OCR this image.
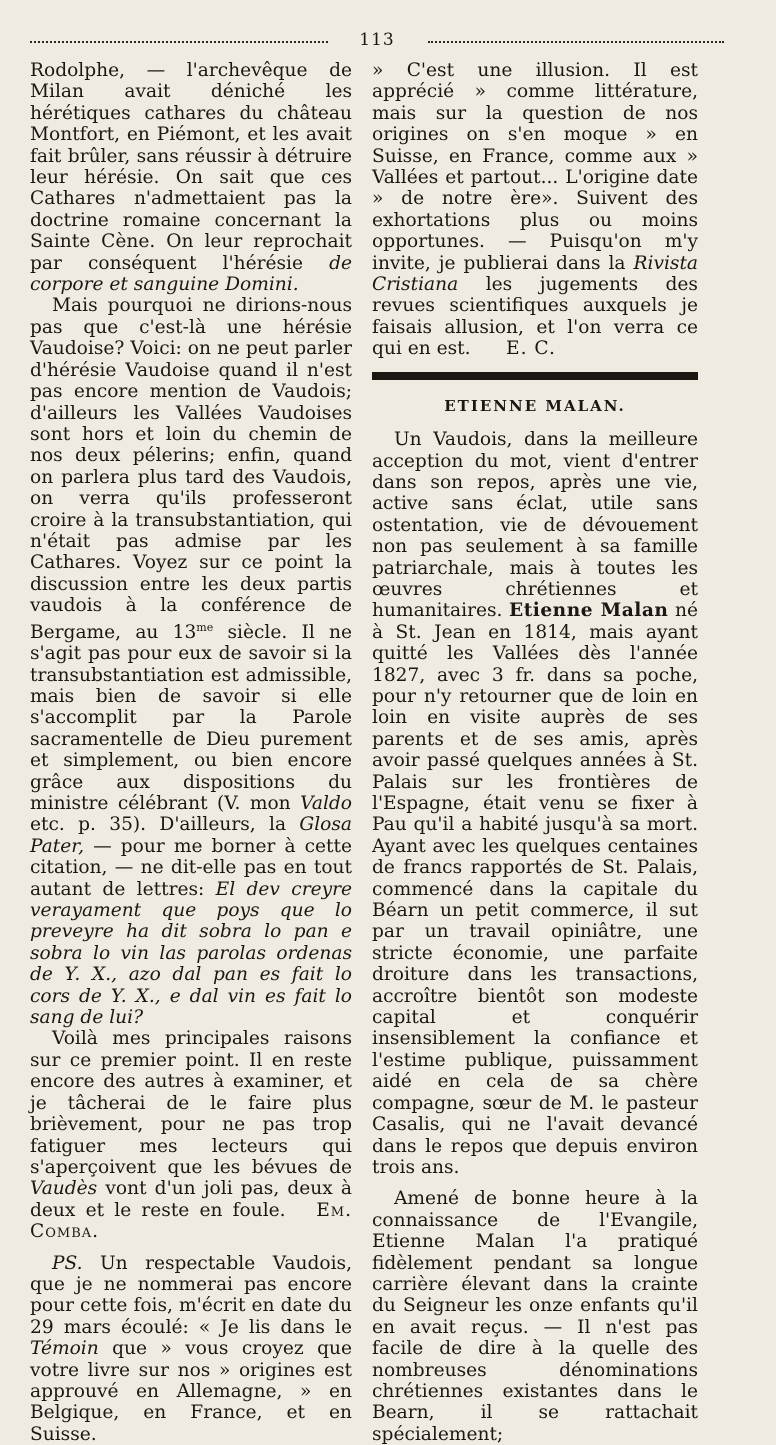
113

Rodolphe, — l'archevêque de Milan avait déniché les hérétiques cathares du château Montfort, en Piémont, et les avait fait brûler, sans réussir à détruire leur hérésie. On sait que ces Cathares n'admettaient pas la doctrine romaine concernant la Sainte Cène. On leur reprochait par conséquent l'hérésie de corpore et sanguine Domini.

Mais pourquoi ne dirions-nous pas que c'est-là une hérésie Vaudoise? Voici: on ne peut parler d'hérésie Vaudoise quand il n'est pas encore mention de Vaudois; d'ailleurs les Vallées Vaudoises sont hors et loin du chemin de nos deux pélerins; enfin, quand on parlera plus tard des Vaudois, on verra qu'ils professeront croire à la transubstantiation, qui n'était pas admise par les Cathares. Voyez sur ce point la discussion entre les deux partis vaudois à la conférence de Bergame, au $13^{me}$ siècle. Il ne s'agit pas pour eux de savoir si la transubstantiation est admissible, mais bien de savoir si elle s'accomplit par la Parole sacramentelle de Dieu purement et simplement, ou bien encore grâce aux dispositions du ministre célébrant (V. mon Valdo etc. p. 35). D'ailleurs, la Glosa Pater, — pour me borner à cette citation, — ne dit-elle pas en tout autant de lettres: El dev creyre verayament que poys que lo preveyre ha dit sobra lo pan e sobra lo vin las parolas ordenas de Y. X., azo dal pan es fait lo cors de Y. X., e dal vin es fait lo sang de lui?

Voilà mes principales raisons sur ce premier point. Il en reste encore des autres à examiner, et je tâcherai de le faire plus brièvement, pour ne pas trop fatiguer mes lecteurs qui s'aperçoivent que les bévues de Vaudès vont d'un joli pas, deux à deux et le reste en foule. Em. Comba.

PS. Un respectable Vaudois, que je ne nommerai pas encore pour cette fois, m'écrit en date du 29 mars écoulé: « Je lis dans le Témoin que » vous croyez que votre livre sur nos » origines est approuvé en Allemagne, » en Belgique, en France, et en Suisse.

» C'est une illusion. Il est apprécié » comme littérature, mais sur la question de nos origines on s'en moque » en Suisse, en France, comme aux » Vallées et partout... L'origine date » de notre ère». Suivent des exhortations plus ou moins opportunes. — Puisqu'on m'y invite, je publierai dans la Rivista Cristiana les jugements des revues scientifiques auxquels je faisais allusion, et l'on verra ce qui en est. E. C.

ETIENNE MALAN.

Un Vaudois, dans la meilleure acception du mot, vient d'entrer dans son repos, après une vie, active sans éclat, utile sans ostentation, vie de dévouement non pas seulement à sa famille patriarchale, mais à toutes les œuvres chrétiennes et humanitaires. Etienne Malan né à St. Jean en 1814, mais ayant quitté les Vallées dès l'année 1827, avec 3 fr. dans sa poche, pour n'y retourner que de loin en loin en visite auprès de ses parents et de ses amis, après avoir passé quelques années à St. Palais sur les frontières de l'Espagne, était venu se fixer à Pau qu'il a habité jusqu'à sa mort. Ayant avec les quelques centaines de francs rapportés de St. Palais, commencé dans la capitale du Béarn un petit commerce, il sut par un travail opiniâtre, une stricte économie, une parfaite droiture dans les transactions, accroître bientôt son modeste capital et conquérir insensiblement la confiance et l'estime publique, puissamment aidé en cela de sa chère compagne, sœur de M. le pasteur Casalis, qui ne l'avait devancé dans le repos que depuis environ trois ans.

Amené de bonne heure à la connaissance de l'Evangile, Etienne Malan l'a pratiqué fidèlement pendant sa longue carrière élevant dans la crainte du Seigneur les onze enfants qu'il en avait reçus. — Il n'est pas facile de dire à la quelle des nombreuses dénominations chrétiennes existantes dans le Bearn, il se rattachait spécialement;
